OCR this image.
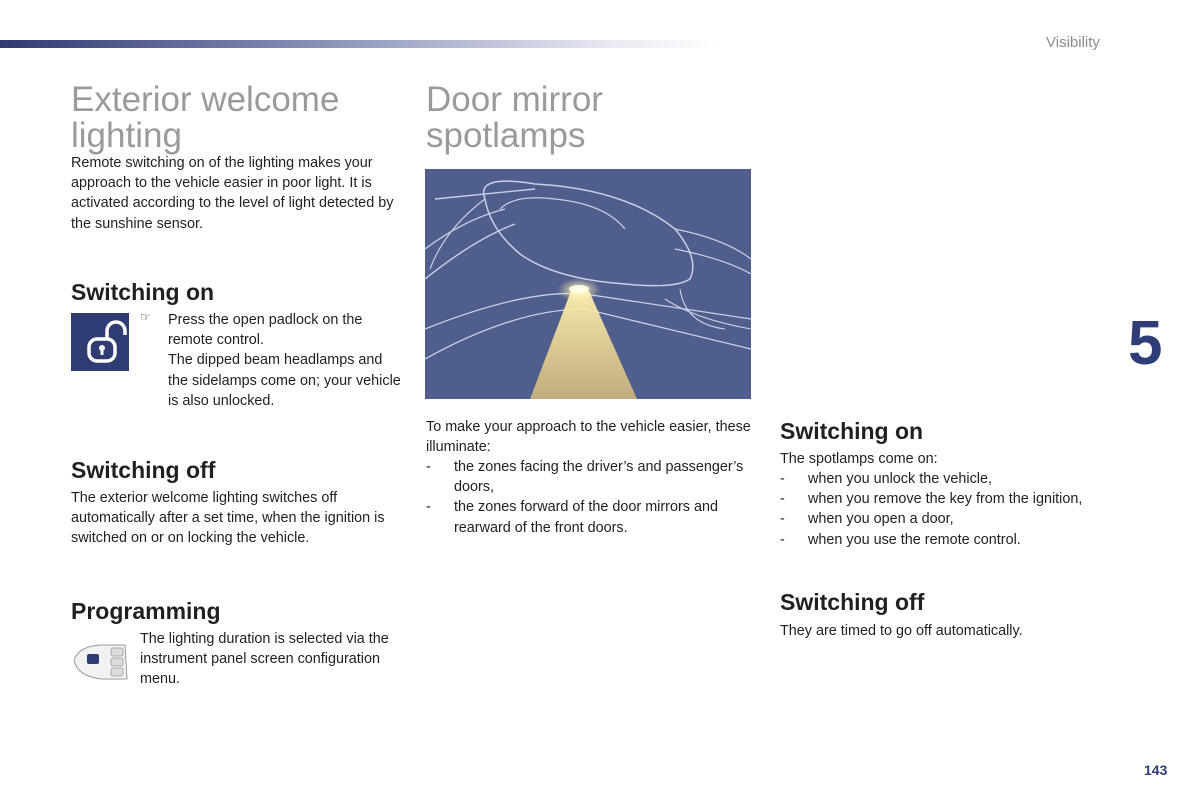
Visibility
Exterior welcome lighting

Remote switching on of the lighting makes your approach to the vehicle easier in poor light. It is activated according to the level of light detected by the sunshine sensor.

Switching on
☞ Press the open padlock on the remote control.

The dipped beam headlamps and the sidelamps come on; your vehicle is also unlocked.

Switching off

The exterior welcome lighting switches off automatically after a set time, when the ignition is switched on or on locking the vehicle.

Programming

The lighting duration is selected via the instrument panel screen configuration menu.

Door mirror spotlamps

To make your approach to the vehicle easier, these illuminate:

- the zones facing the driver’s and passenger’s doors,
- the zones forward of the door mirrors and rearward of the front doors.
Switching on

The spotlamps come on:

- when you unlock the vehicle,
- when you remove the key from the ignition,
- when you open a door,
- when you use the remote control.
Switching off

They are timed to go off automatically.

5
143
